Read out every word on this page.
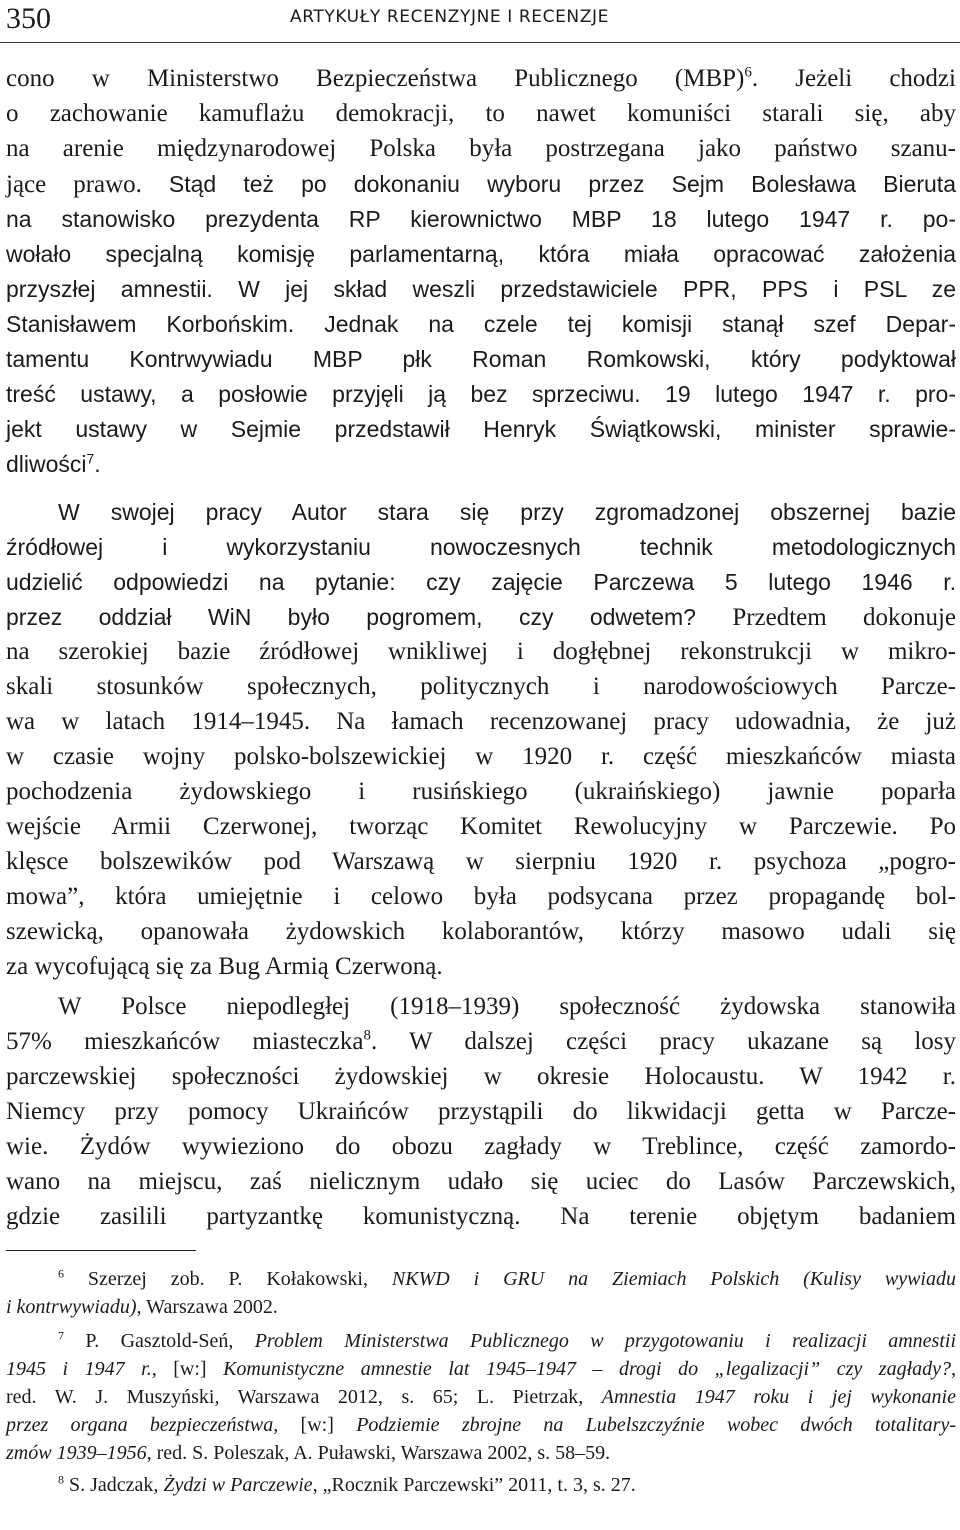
350	ARTYKUŁY RECENZYJNE I RECENZJE
cono w Ministerstwo Bezpieczeństwa Publicznego (MBP)$^6$. Jeżeli chodzi
o zachowanie kamuflażu demokracji, to nawet komuniści starali się, aby
na arenie międzynarodowej Polska była postrzegana jako państwo szanu-
jące prawo. Stąd też po dokonaniu wyboru przez Sejm Bolesława Bieruta
na stanowisko prezydenta RP kierownictwo MBP 18 lutego 1947 r. po-
wołało specjalną komisję parlamentarną, która miała opracować założenia
przyszłej amnestii. W jej skład weszli przedstawiciele PPR, PPS i PSL ze
Stanisławem Korbońskim. Jednak na czele tej komisji stanął szef Depar-
tamentu Kontrwywiadu MBP płk Roman Romkowski, który podyktował
treść ustawy, a posłowie przyjęli ją bez sprzeciwu. 19 lutego 1947 r. pro-
jekt ustawy w Sejmie przedstawił Henryk Świątkowski, minister sprawie-
dliwości$^7$.
W swojej pracy Autor stara się przy zgromadzonej obszernej bazie
źródłowej i wykorzystaniu nowoczesnych technik metodologicznych
udzielić odpowiedzi na pytanie: czy zajęcie Parczewa 5 lutego 1946 r.
przez oddział WiN było pogromem, czy odwetem? Przedtem dokonuje
na szerokiej bazie źródłowej wnikliwej i dogłębnej rekonstrukcji w mikro-
skali stosunków społecznych, politycznych i narodowościowych Parcze-
wa w latach 1914–1945. Na łamach recenzowanej pracy udowadnia, że już
w czasie wojny polsko-bolszewickiej w 1920 r. część mieszkańców miasta
pochodzenia żydowskiego i rusińskiego (ukraińskiego) jawnie poparła
wejście Armii Czerwonej, tworząc Komitet Rewolucyjny w Parczewie. Po
klęsce bolszewików pod Warszawą w sierpniu 1920 r. psychoza „pogro-
mowa”, która umiejętnie i celowo była podsycana przez propagandę bol-
szewicką, opanowała żydowskich kolaborantów, którzy masowo udali się
za wycofującą się za Bug Armią Czerwoną.
W Polsce niepodległej (1918–1939) społeczność żydowska stanowiła
57% mieszkańców miasteczka$^8$. W dalszej części pracy ukazane są losy
parczewskiej społeczności żydowskiej w okresie Holocaustu. W 1942 r.
Niemcy przy pomocy Ukraińców przystąpili do likwidacji getta w Parcze-
wie. Żydów wywieziono do obozu zagłady w Treblince, część zamordo-
wano na miejscu, zaś nielicznym udało się uciec do Lasów Parczewskich,
gdzie zasilili partyzantkę komunistyczną. Na terenie objętym badaniem
$^6$ Szerzej zob. P. Kołakowski, NKWD i GRU na Ziemiach Polskich (Kulisy wywiadu
i kontrwywiadu), Warszawa 2002.
$^7$ P. Gasztold-Seń, Problem Ministerstwa Publicznego w przygotowaniu i realizacji amnestii
1945 i 1947 r., [w:] Komunistyczne amnestie lat 1945–1947 – drogi do „legalizacji” czy zagłady?,
red. W. J. Muszyński, Warszawa 2012, s. 65; L. Pietrzak, Amnestia 1947 roku i jej wykonanie
przez organa bezpieczeństwa, [w:] Podziemie zbrojne na Lubelszczyźnie wobec dwóch totalitary-
zmów 1939–1956, red. S. Poleszak, A. Puławski, Warszawa 2002, s. 58–59.
$^8$ S. Jadczak, Żydzi w Parczewie, „Rocznik Parczewski” 2011, t. 3, s. 27.
